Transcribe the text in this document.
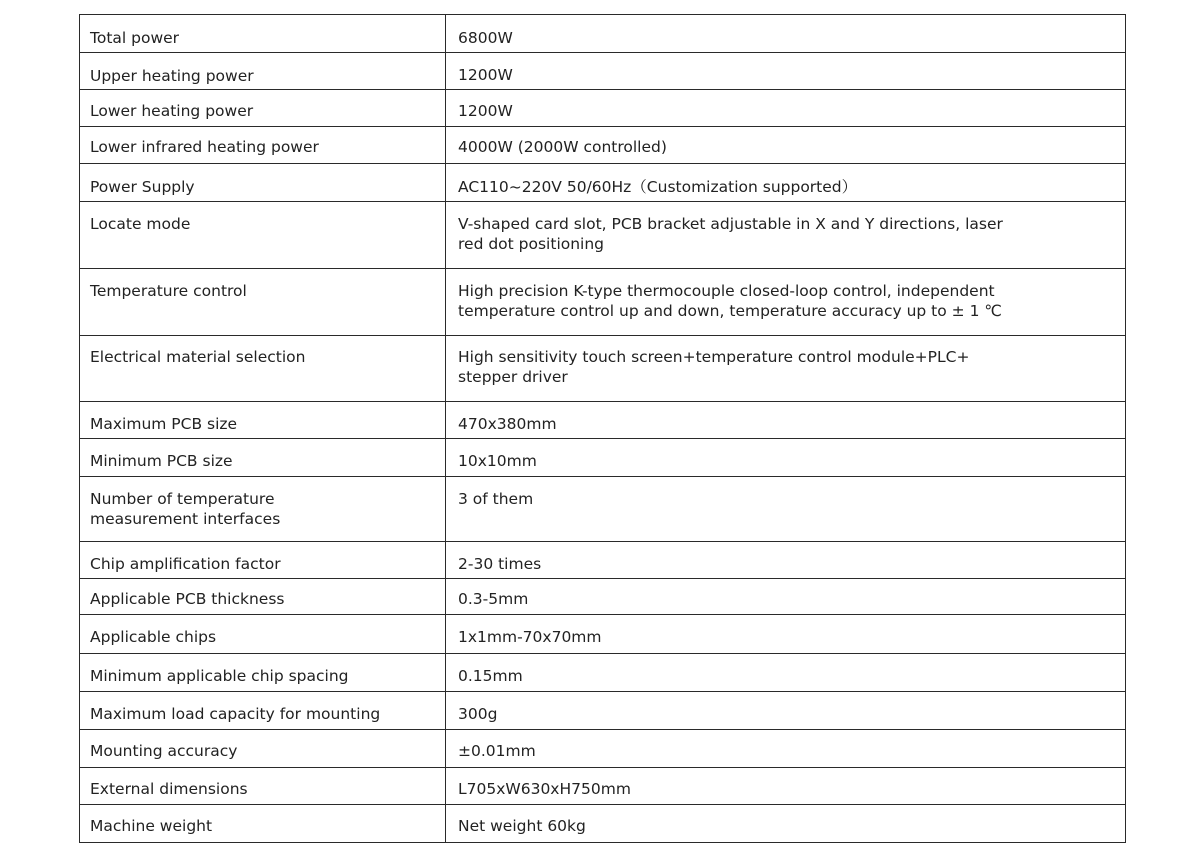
Total power	6800W

Upper heating power	1200W

Lower heating power	1200W

Lower infrared heating power	4000W (2000W controlled)

Power Supply	AC110~220V 50/60Hz（Customization supported）

Locate mode	V-shaped card slot, PCB bracket adjustable in X and Y directions, laser
red dot positioning

Temperature control	High precision K-type thermocouple closed-loop control, independent
temperature control up and down, temperature accuracy up to ± 1 ℃

Electrical material selection	High sensitivity touch screen+temperature control module+PLC+
stepper driver

Maximum PCB size	470x380mm

Minimum PCB size	10x10mm

Number of temperature
measurement interfaces	3 of them

Chip amplification factor	2-30 times

Applicable PCB thickness	0.3-5mm

Applicable chips	1x1mm-70x70mm

Minimum applicable chip spacing	0.15mm

Maximum load capacity for mounting	300g

Mounting accuracy	±0.01mm

External dimensions	L705xW630xH750mm

Machine weight	Net weight 60kg
